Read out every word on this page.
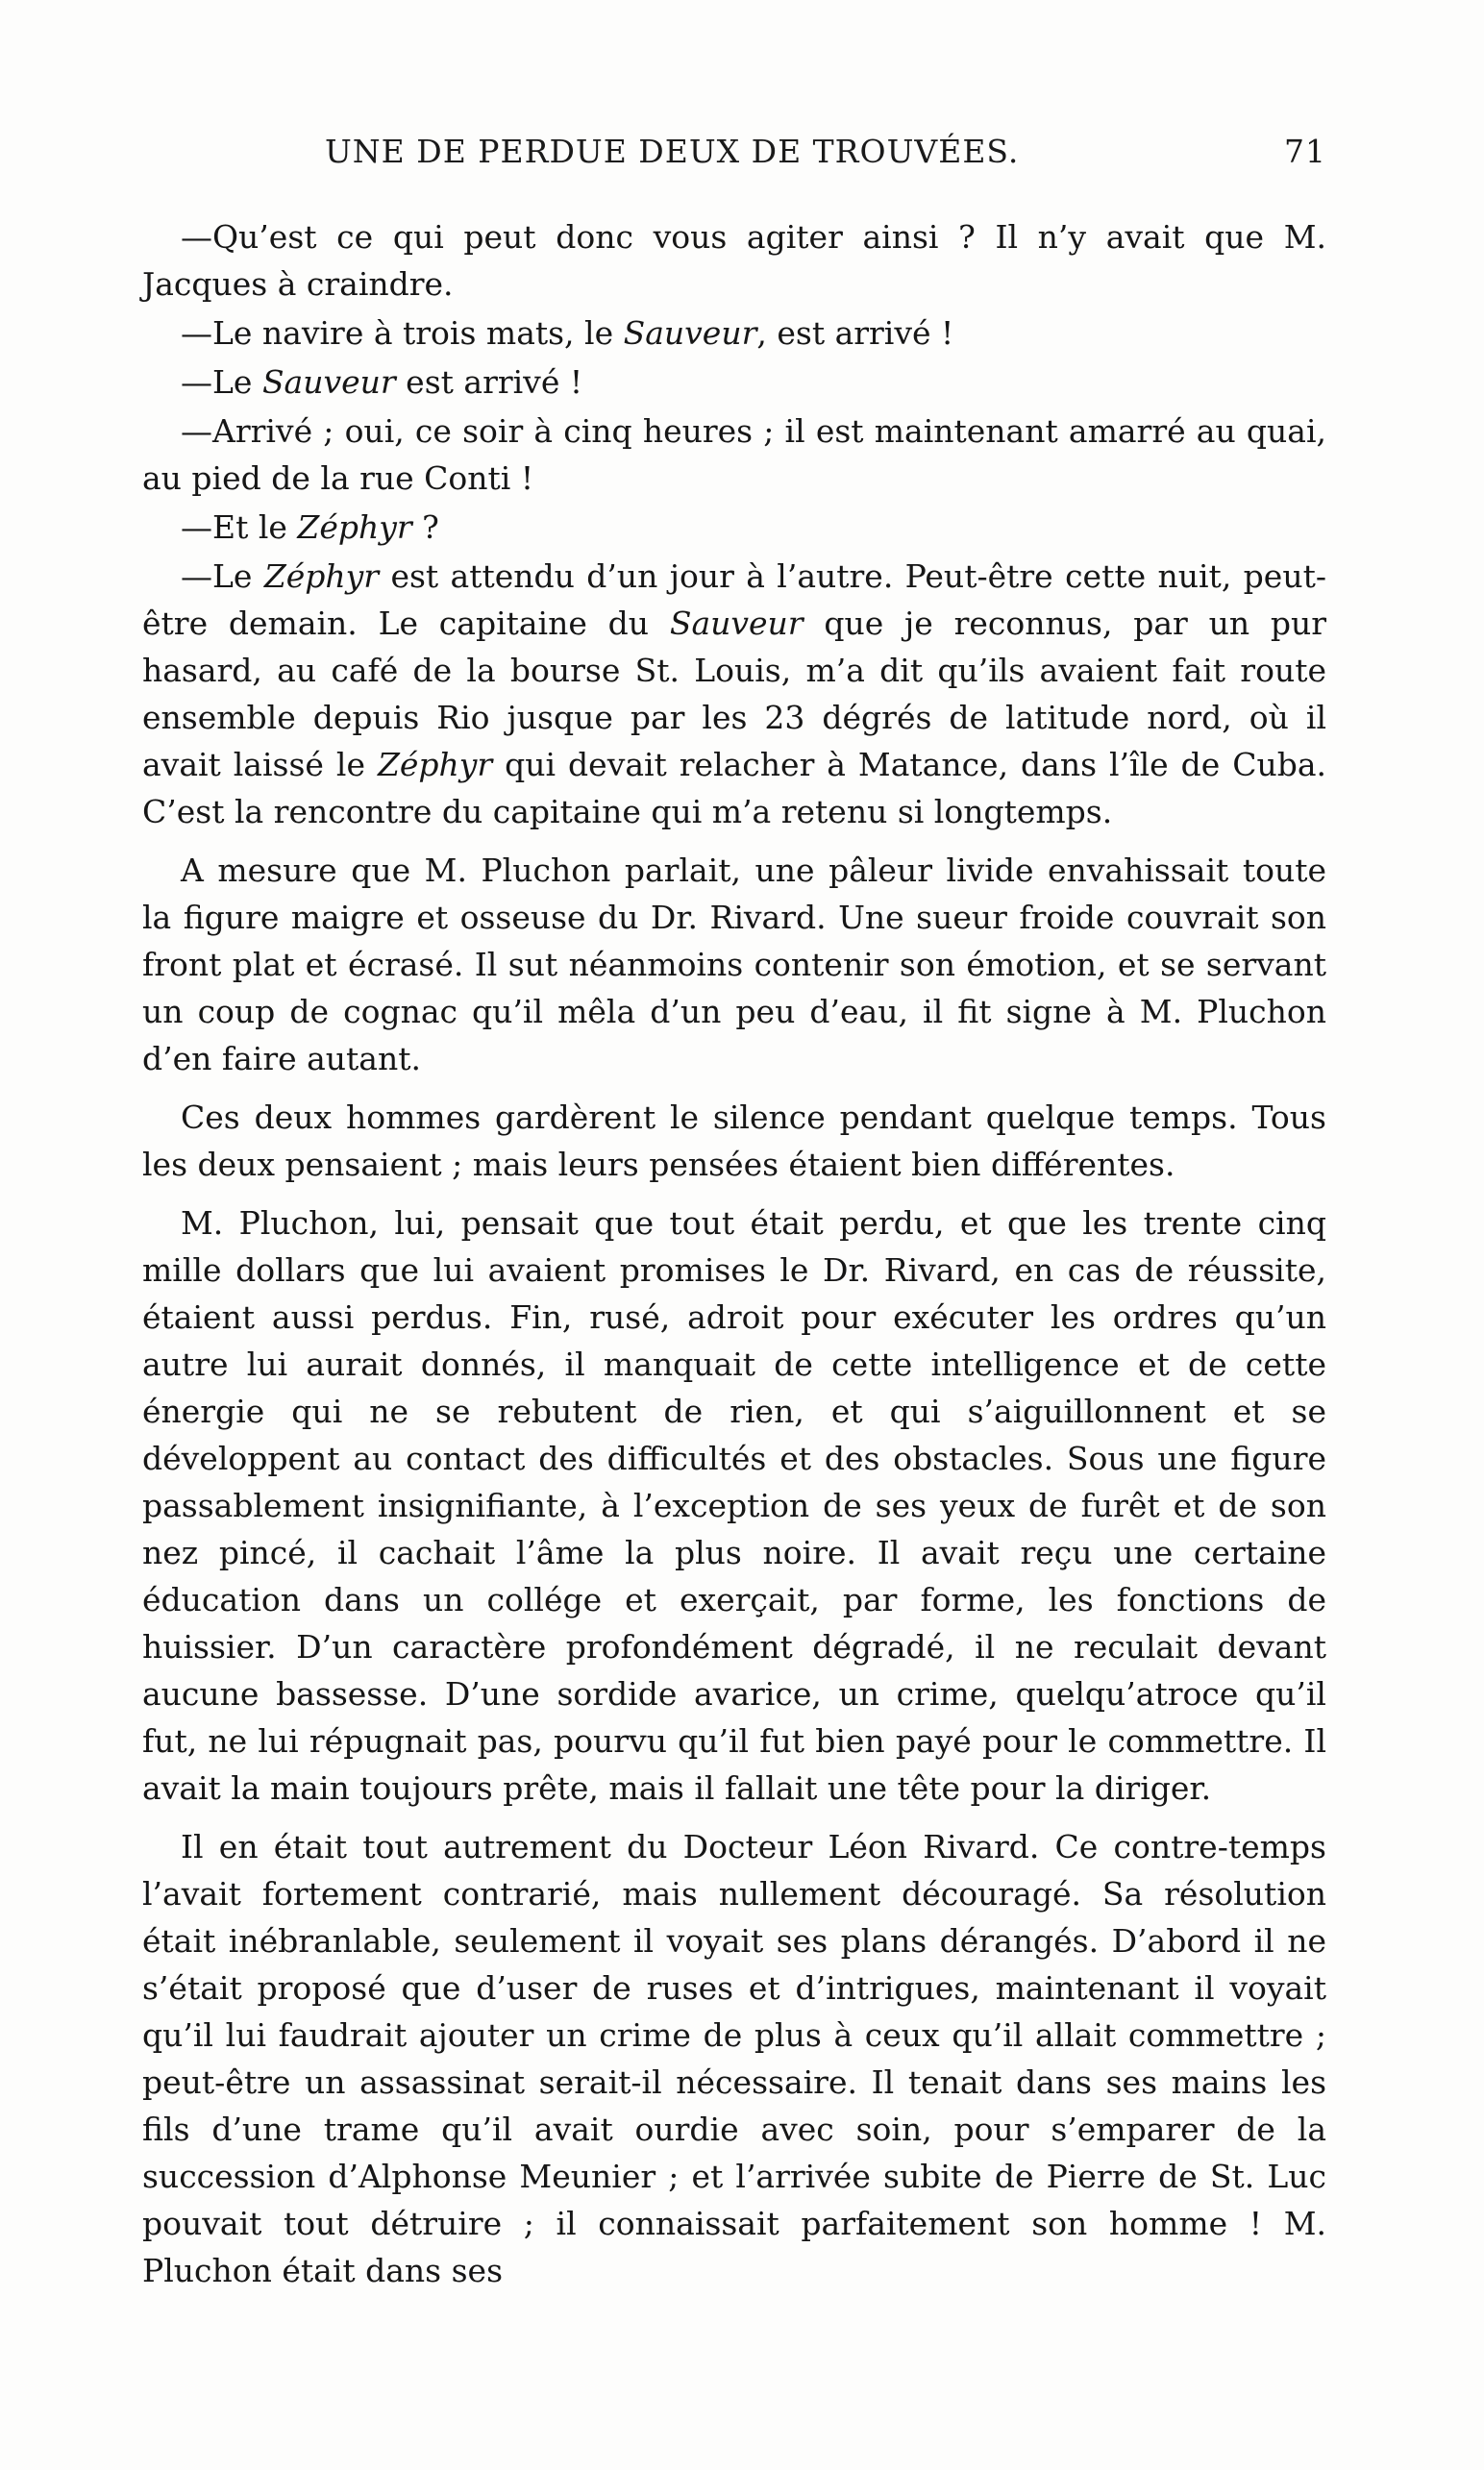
UNE DE PERDUE DEUX DE TROUVÉES.	71

—Qu’est ce qui peut donc vous agiter ainsi ? Il n’y avait que M. Jacques à craindre.

—Le navire à trois mats, le Sauveur, est arrivé !

—Le Sauveur est arrivé !

—Arrivé ; oui, ce soir à cinq heures ; il est maintenant amarré au quai, au pied de la rue Conti !

—Et le Zéphyr ?

—Le Zéphyr est attendu d’un jour à l’autre. Peut-être cette nuit, peut-être demain. Le capitaine du Sauveur que je reconnus, par un pur hasard, au café de la bourse St. Louis, m’a dit qu’ils avaient fait route ensemble depuis Rio jusque par les 23 dégrés de latitude nord, où il avait laissé le Zéphyr qui devait relacher à Matance, dans l’île de Cuba. C’est la rencontre du capitaine qui m’a retenu si longtemps.

A mesure que M. Pluchon parlait, une pâleur livide envahissait toute la figure maigre et osseuse du Dr. Rivard. Une sueur froide couvrait son front plat et écrasé. Il sut néanmoins contenir son émotion, et se servant un coup de cognac qu’il mêla d’un peu d’eau, il fit signe à M. Pluchon d’en faire autant.

Ces deux hommes gardèrent le silence pendant quelque temps. Tous les deux pensaient ; mais leurs pensées étaient bien différentes.

M. Pluchon, lui, pensait que tout était perdu, et que les trente cinq mille dollars que lui avaient promises le Dr. Rivard, en cas de réussite, étaient aussi perdus. Fin, rusé, adroit pour exécuter les ordres qu’un autre lui aurait donnés, il manquait de cette intelligence et de cette énergie qui ne se rebutent de rien, et qui s’aiguillonnent et se développent au contact des difficultés et des obstacles. Sous une figure passablement insignifiante, à l’exception de ses yeux de furêt et de son nez pincé, il cachait l’âme la plus noire. Il avait reçu une certaine éducation dans un collége et exerçait, par forme, les fonctions de huissier. D’un caractère profondément dégradé, il ne reculait devant aucune bassesse. D’une sordide avarice, un crime, quelqu’atroce qu’il fut, ne lui répugnait pas, pourvu qu’il fut bien payé pour le commettre. Il avait la main toujours prête, mais il fallait une tête pour la diriger.

Il en était tout autrement du Docteur Léon Rivard. Ce contre-temps l’avait fortement contrarié, mais nullement découragé. Sa résolution était inébranlable, seulement il voyait ses plans dérangés. D’abord il ne s’était proposé que d’user de ruses et d’intrigues, maintenant il voyait qu’il lui faudrait ajouter un crime de plus à ceux qu’il allait commettre ; peut-être un assassinat serait-il nécessaire. Il tenait dans ses mains les fils d’une trame qu’il avait ourdie avec soin, pour s’emparer de la succession d’Alphonse Meunier ; et l’arrivée subite de Pierre de St. Luc pouvait tout détruire ; il connaissait parfaitement son homme ! M. Pluchon était dans ses
